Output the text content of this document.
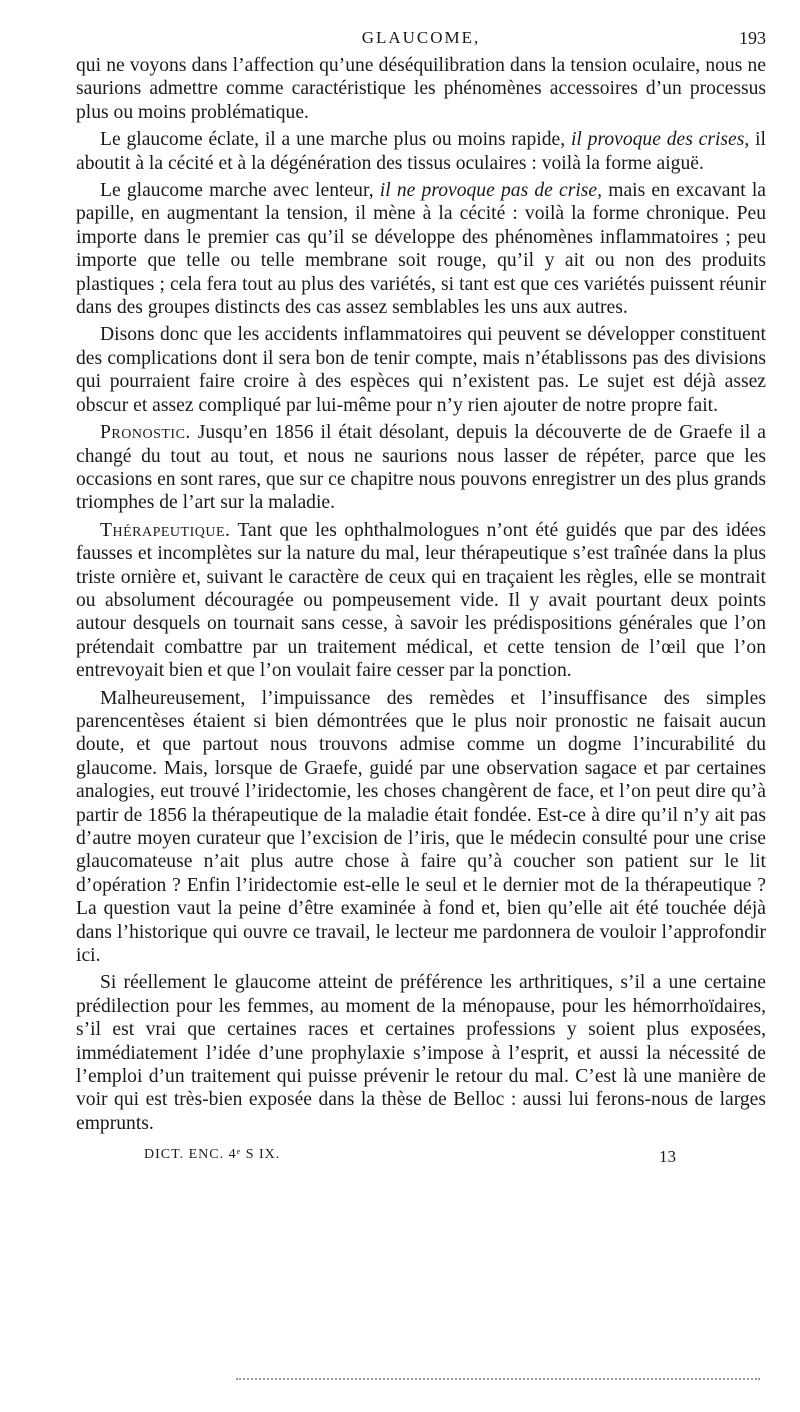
GLAUCOME,	193

qui ne voyons dans l’affection qu’une déséquilibration dans la tension oculaire, nous ne saurions admettre comme caractéristique les phénomènes accessoires d’un processus plus ou moins problématique.

Le glaucome éclate, il a une marche plus ou moins rapide, il provoque des crises, il aboutit à la cécité et à la dégénération des tissus oculaires : voilà la forme aiguë.

Le glaucome marche avec lenteur, il ne provoque pas de crise, mais en excavant la papille, en augmentant la tension, il mène à la cécité : voilà la forme chronique. Peu importe dans le premier cas qu’il se développe des phénomènes inflammatoires ; peu importe que telle ou telle membrane soit rouge, qu’il y ait ou non des produits plastiques ; cela fera tout au plus des variétés, si tant est que ces variétés puissent réunir dans des groupes distincts des cas assez semblables les uns aux autres.

Disons donc que les accidents inflammatoires qui peuvent se développer constituent des complications dont il sera bon de tenir compte, mais n’établissons pas des divisions qui pourraient faire croire à des espèces qui n’existent pas. Le sujet est déjà assez obscur et assez compliqué par lui-même pour n’y rien ajouter de notre propre fait.

Pronostic. Jusqu’en 1856 il était désolant, depuis la découverte de de Graefe il a changé du tout au tout, et nous ne saurions nous lasser de répéter, parce que les occasions en sont rares, que sur ce chapitre nous pouvons enregistrer un des plus grands triomphes de l’art sur la maladie.

Thérapeutique. Tant que les ophthalmologues n’ont été guidés que par des idées fausses et incomplètes sur la nature du mal, leur thérapeutique s’est traînée dans la plus triste ornière et, suivant le caractère de ceux qui en traçaient les règles, elle se montrait ou absolument découragée ou pompeusement vide. Il y avait pourtant deux points autour desquels on tournait sans cesse, à savoir les prédispositions générales que l’on prétendait combattre par un traitement médical, et cette tension de l’œil que l’on entrevoyait bien et que l’on voulait faire cesser par la ponction.

Malheureusement, l’impuissance des remèdes et l’insuffisance des simples parencentèses étaient si bien démontrées que le plus noir pronostic ne faisait aucun doute, et que partout nous trouvons admise comme un dogme l’incurabilité du glaucome. Mais, lorsque de Graefe, guidé par une observation sagace et par certaines analogies, eut trouvé l’iridectomie, les choses changèrent de face, et l’on peut dire qu’à partir de 1856 la thérapeutique de la maladie était fondée. Est-ce à dire qu’il n’y ait pas d’autre moyen curateur que l’excision de l’iris, que le médecin consulté pour une crise glaucomateuse n’ait plus autre chose à faire qu’à coucher son patient sur le lit d’opération ? Enfin l’iridectomie est-elle le seul et le dernier mot de la thérapeutique ? La question vaut la peine d’être examinée à fond et, bien qu’elle ait été touchée déjà dans l’historique qui ouvre ce travail, le lecteur me pardonnera de vouloir l’approfondir ici.

Si réellement le glaucome atteint de préférence les arthritiques, s’il a une certaine prédilection pour les femmes, au moment de la ménopause, pour les hémorrhoïdaires, s’il est vrai que certaines races et certaines professions y soient plus exposées, immédiatement l’idée d’une prophylaxie s’impose à l’esprit, et aussi la nécessité de l’emploi d’un traitement qui puisse prévenir le retour du mal. C’est là une manière de voir qui est très-bien exposée dans la thèse de Belloc : aussi lui ferons-nous de larges emprunts.

DICT. ENC. 4ᵉ S IX.	13
